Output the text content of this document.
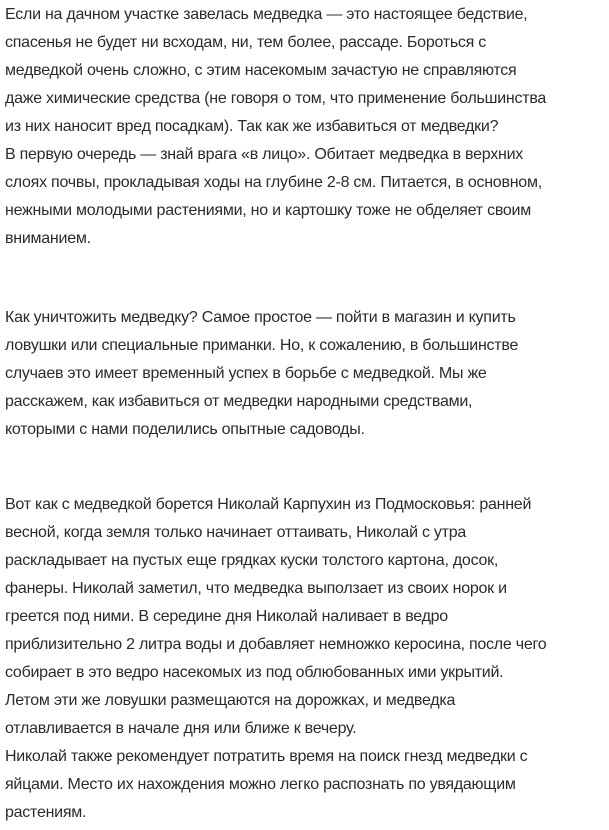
Если на дачном участке завелась медведка — это настоящее бедствие,
спасенья не будет ни всходам, ни, тем более, рассаде. Бороться с
медведкой очень сложно, с этим насекомым зачастую не справляются
даже химические средства (не говоря о том, что применение большинства
из них наносит вред посадкам). Так как же избавиться от медведки?
В первую очередь — знай врага «в лицо». Обитает медведка в верхних
слоях почвы, прокладывая ходы на глубине 2-8 см. Питается, в основном,
нежными молодыми растениями, но и картошку тоже не обделяет своим
вниманием.
Как уничтожить медведку? Самое простое — пойти в магазин и купить
ловушки или специальные приманки. Но, к сожалению, в большинстве
случаев это имеет временный успех в борьбе с медведкой. Мы же
расскажем, как избавиться от медведки народными средствами,
которыми с нами поделились опытные садоводы.
Вот как с медведкой борется Николай Карпухин из Подмосковья: ранней
весной, когда земля только начинает оттаивать, Николай с утра
раскладывает на пустых еще грядках куски толстого картона, досок,
фанеры. Николай заметил, что медведка выползает из своих норок и
греется под ними. В середине дня Николай наливает в ведро
приблизительно 2 литра воды и добавляет немножко керосина, после чего
собирает в это ведро насекомых из под облюбованных ими укрытий.
Летом эти же ловушки размещаются на дорожках, и медведка
отлавливается в начале дня или ближе к вечеру.
Николай также рекомендует потратить время на поиск гнезд медведки с
яйцами. Место их нахождения можно легко распознать по увядающим
растениям.
